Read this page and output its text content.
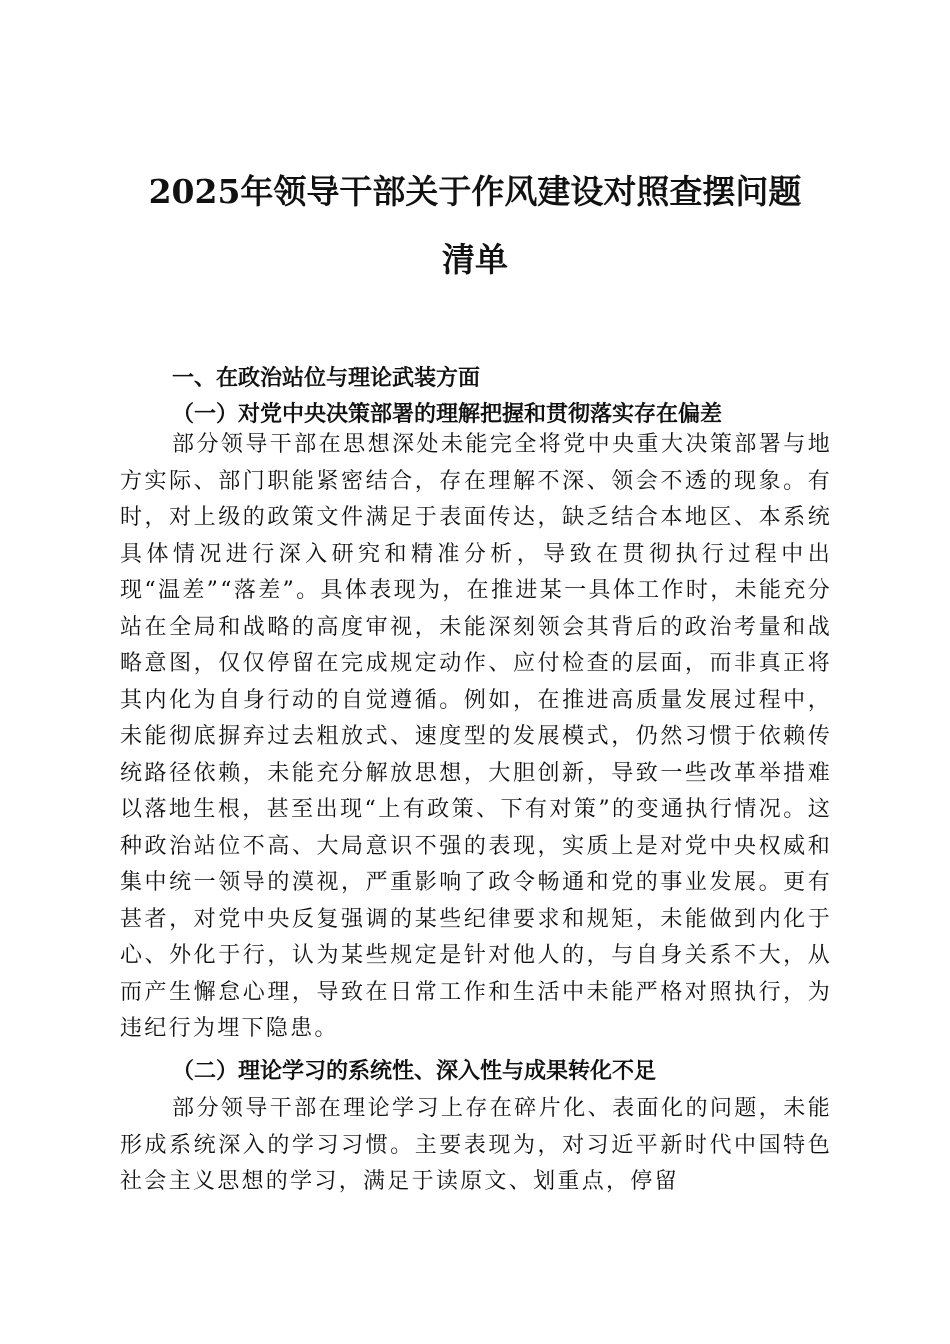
2025年领导干部关于作风建设对照查摆问题
清单
一、在政治站位与理论武装方面
（一）对党中央决策部署的理解把握和贯彻落实存在偏差

部分领导干部在思想深处未能完全将党中央重大决策部署与地方实际、部门职能紧密结合，存在理解不深、领会不透的现象。有时，对上级的政策文件满足于表面传达，缺乏结合本地区、本系统具体情况进行深入研究和精准分析，导致在贯彻执行过程中出现“温差”“落差”。具体表现为，在推进某一具体工作时，未能充分站在全局和战略的高度审视，未能深刻领会其背后的政治考量和战略意图，仅仅停留在完成规定动作、应付检查的层面，而非真正将其内化为自身行动的自觉遵循。例如，在推进高质量发展过程中，未能彻底摒弃过去粗放式、速度型的发展模式，仍然习惯于依赖传统路径依赖，未能充分解放思想，大胆创新，导致一些改革举措难以落地生根，甚至出现“上有政策、下有对策”的变通执行情况。这种政治站位不高、大局意识不强的表现，实质上是对党中央权威和集中统一领导的漠视，严重影响了政令畅通和党的事业发展。更有甚者，对党中央反复强调的某些纪律要求和规矩，未能做到内化于心、外化于行，认为某些规定是针对他人的，与自身关系不大，从而产生懈怠心理，导致在日常工作和生活中未能严格对照执行，为违纪行为埋下隐患。

（二）理论学习的系统性、深入性与成果转化不足

部分领导干部在理论学习上存在碎片化、表面化的问题，未能形成系统深入的学习习惯。主要表现为，对习近平新时代中国特色社会主义思想的学习，满足于读原文、划重点，停留
